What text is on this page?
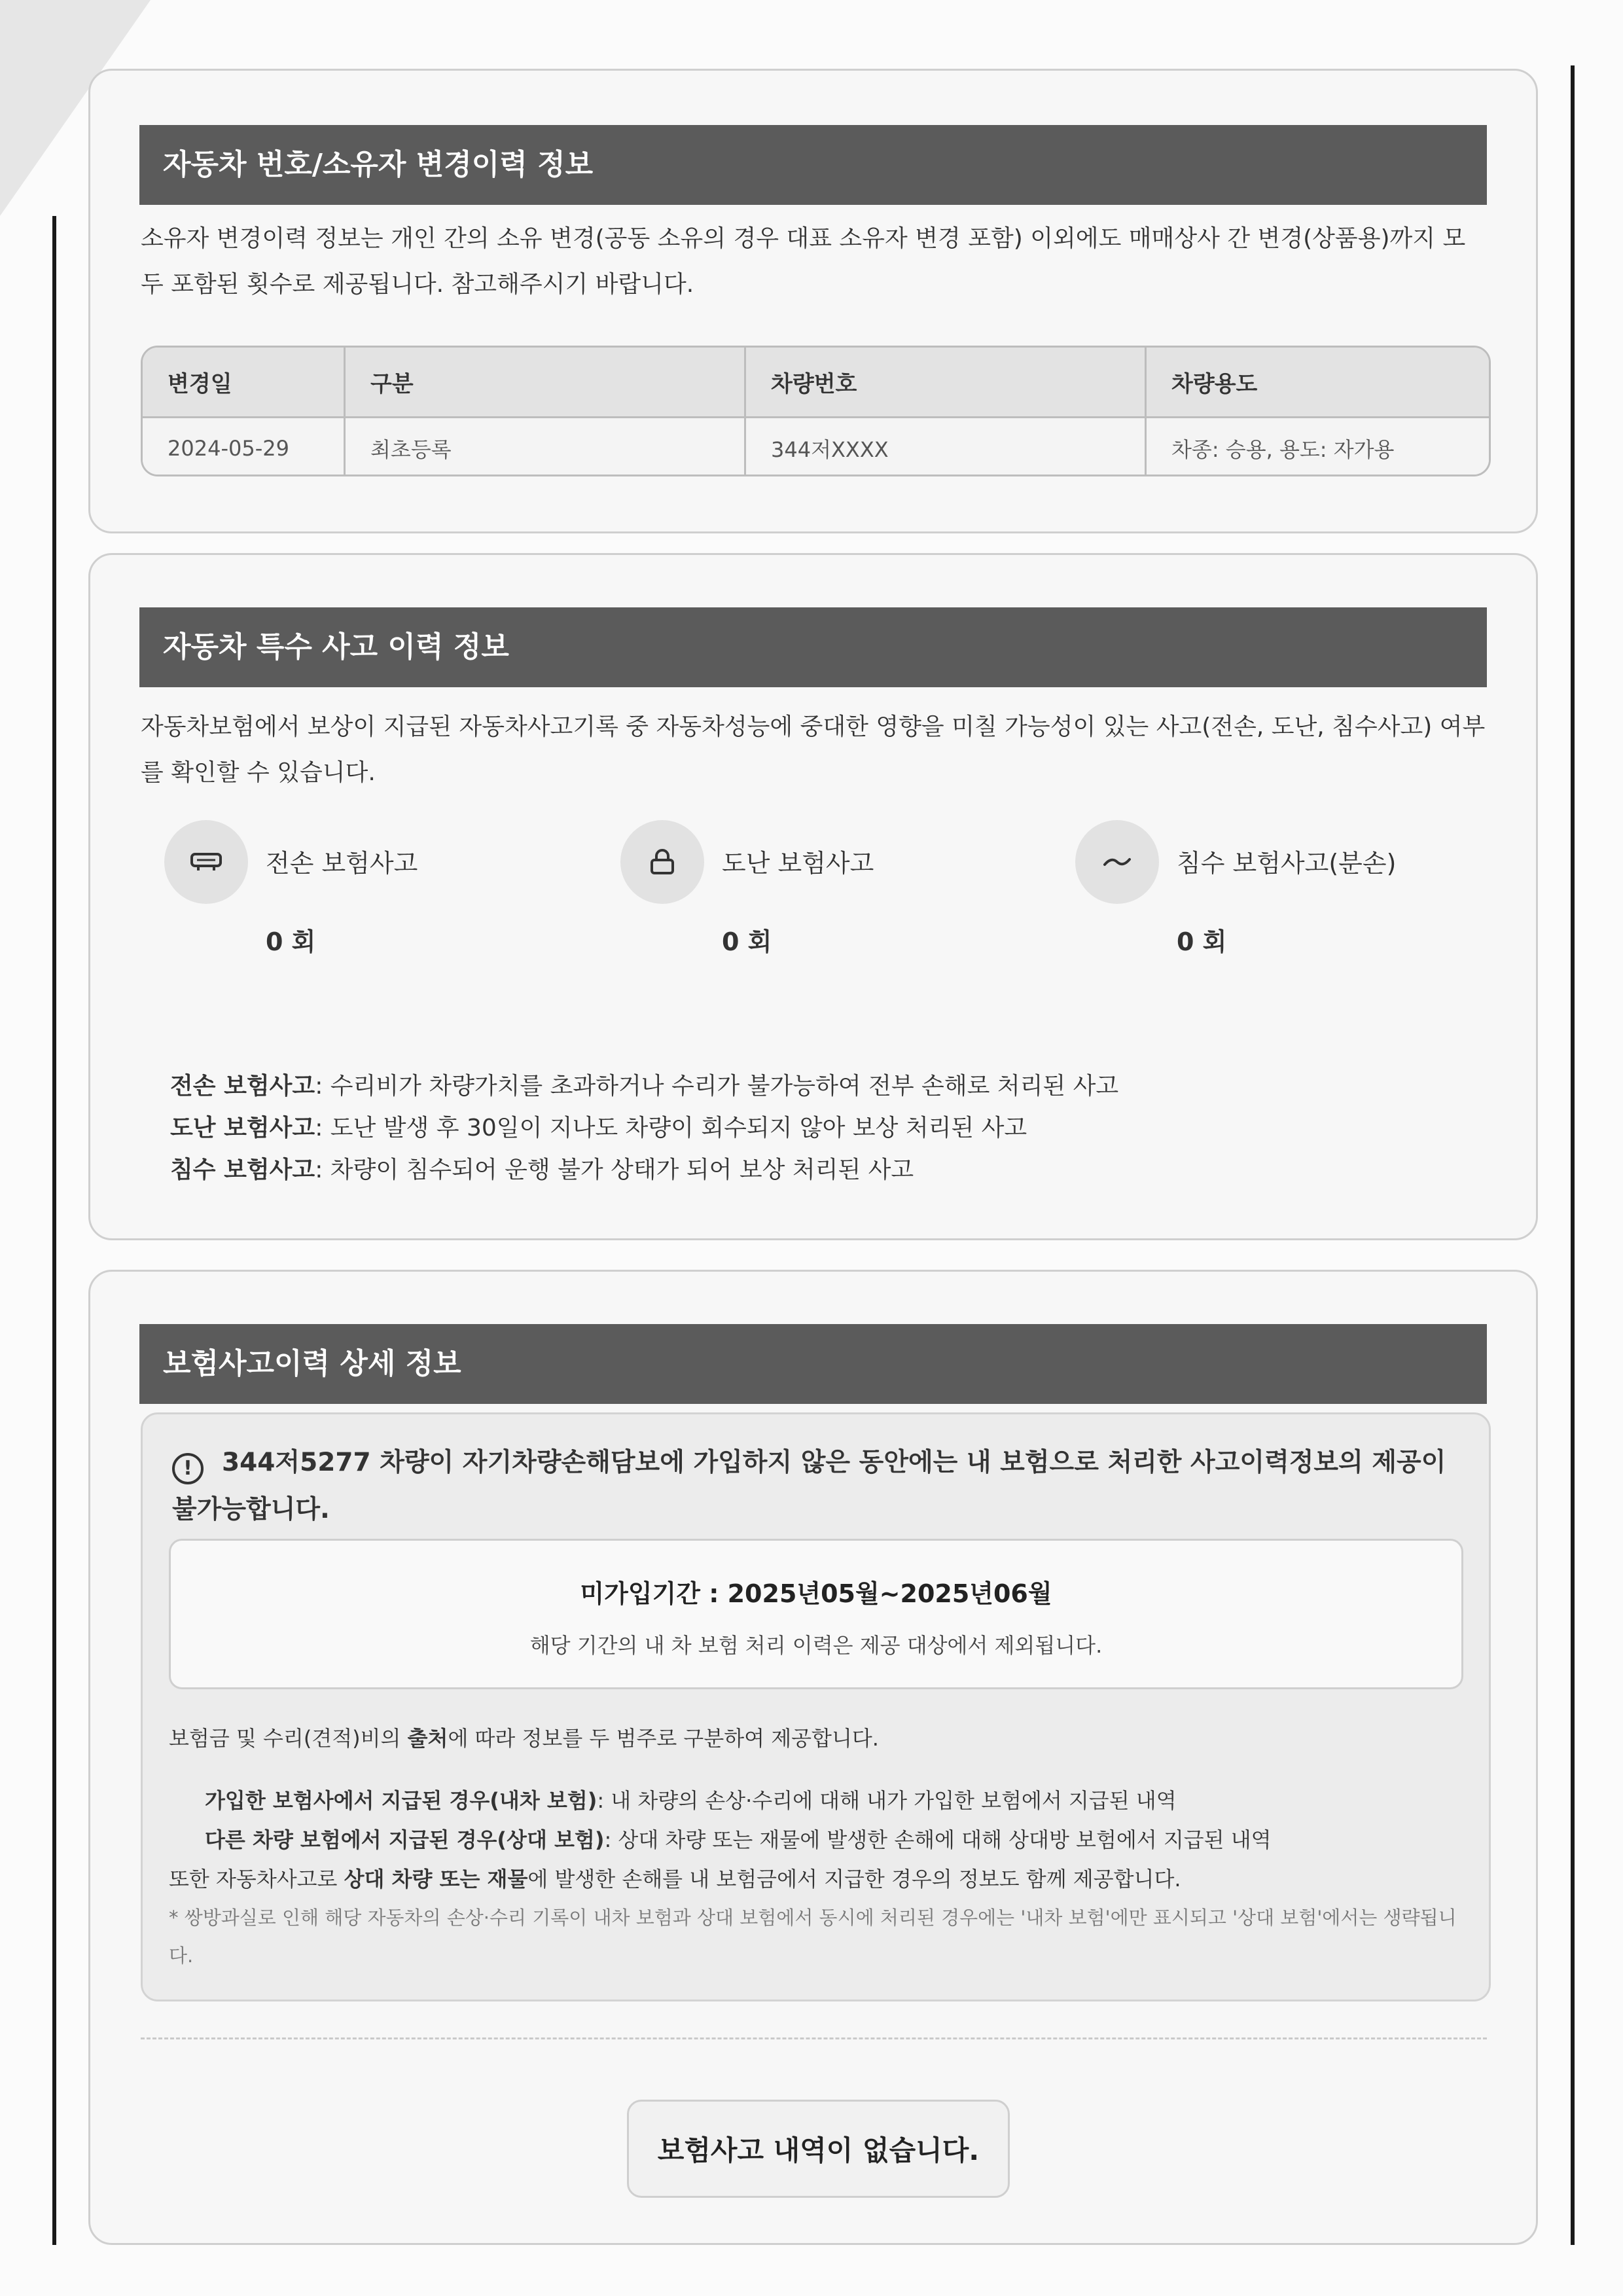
자동차 번호/소유자 변경이력 정보
소유자 변경이력 정보는 개인 간의 소유 변경(공동 소유의 경우 대표 소유자 변경 포함) 이외에도 매매상사 간 변경(상품용)까지 모두 포함된 횟수로 제공됩니다. 참고해주시기 바랍니다.
변경일	구분	차량번호	차량용도
2024-05-29	최초등록	344저XXXX	차종: 승용, 용도: 자가용
자동차 특수 사고 이력 정보
자동차보험에서 보상이 지급된 자동차사고기록 중 자동차성능에 중대한 영향을 미칠 가능성이 있는 사고(전손, 도난, 침수사고) 여부를 확인할 수 있습니다.
전손 보험사고
0 회
도난 보험사고
0 회
침수 보험사고(분손)
0 회
전손 보험사고: 수리비가 차량가치를 초과하거나 수리가 불가능하여 전부 손해로 처리된 사고
도난 보험사고: 도난 발생 후 30일이 지나도 차량이 회수되지 않아 보상 처리된 사고
침수 보험사고: 차량이 침수되어 운행 불가 상태가 되어 보상 처리된 사고
보험사고이력 상세 정보
! 344저5277 차량이 자기차량손해담보에 가입하지 않은 동안에는 내 보험으로 처리한 사고이력정보의 제공이 불가능합니다.
미가입기간 : 2025년05월~2025년06월
해당 기간의 내 차 보험 처리 이력은 제공 대상에서 제외됩니다.
보험금 및 수리(견적)비의 출처에 따라 정보를 두 범주로 구분하여 제공합니다.
가입한 보험사에서 지급된 경우(내차 보험): 내 차량의 손상·수리에 대해 내가 가입한 보험에서 지급된 내역
다른 차량 보험에서 지급된 경우(상대 보험): 상대 차량 또는 재물에 발생한 손해에 대해 상대방 보험에서 지급된 내역
또한 자동차사고로 상대 차량 또는 재물에 발생한 손해를 내 보험금에서 지급한 경우의 정보도 함께 제공합니다.
* 쌍방과실로 인해 해당 자동차의 손상·수리 기록이 내차 보험과 상대 보험에서 동시에 처리된 경우에는 '내차 보험'에만 표시되고 '상대 보험'에서는 생략됩니다.
보험사고 내역이 없습니다.
